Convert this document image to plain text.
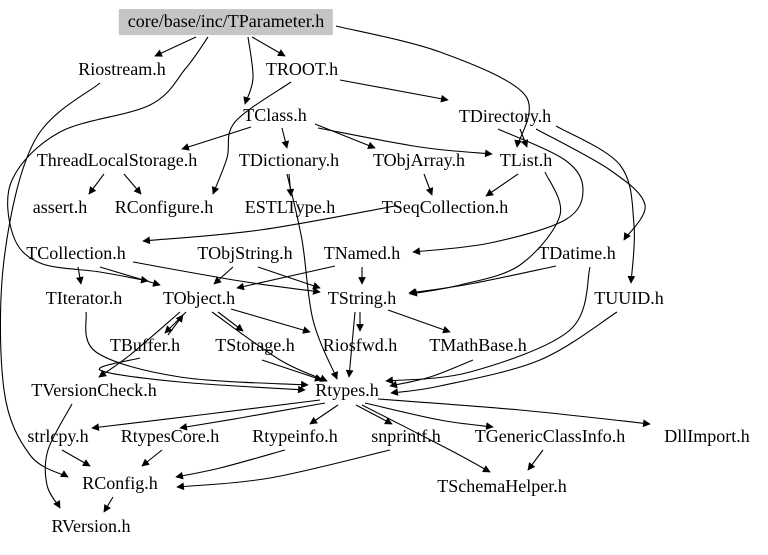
core/base/inc/TParameter.h
Riostream.h	TROOT.h
TClass.h	TDirectory.h
ThreadLocalStorage.h TDictionary.h TObjArray.h TList.h
assert.h RConfigure.h ESTLType.h	TSeqCollection.h
TCollection.h	TObjString.h TNamed.h	TDatime.h
TIterator.h TObject.h	TString.h	TUUID.h
TBuffer.h TStorage.h Riosfwd.h TMathBase.h
TVersionCheck.h	Rtypes.h
strlcpy.h RtypesCore.h Rtypeinfo.h snprintf.h TGenericClassInfo.h DllImport.h
RConfig.h	TSchemaHelper.h
RVersion.h
